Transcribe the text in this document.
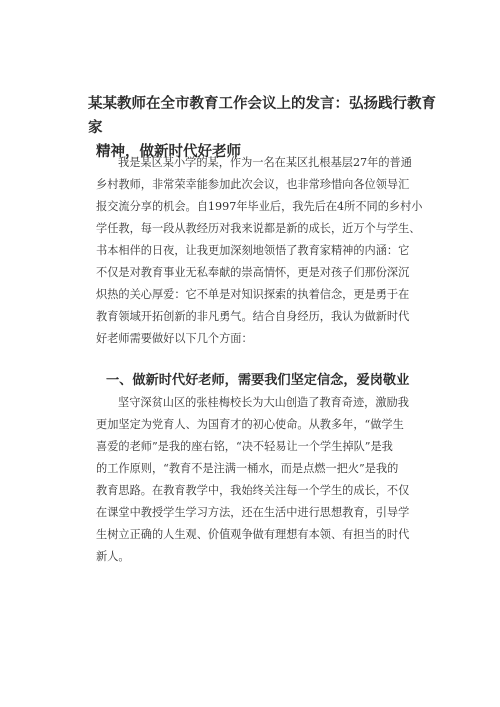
某某教师在全市教育工作会议上的发言：弘扬践行教育家
精神，做新时代好老师
我是某区某小学的某，作为一名在某区扎根基层27年的普通
乡村教师，非常荣幸能参加此次会议，也非常珍惜向各位领导汇
报交流分享的机会。自1997年毕业后，我先后在4所不同的乡村小
学任教，每一段从教经历对我来说都是新的成长，近万个与学生、
书本相伴的日夜，让我更加深刻地领悟了教育家精神的内涵：它
不仅是对教育事业无私奉献的崇高情怀，更是对孩子们那份深沉
炽热的关心厚爱：它不单是对知识探索的执着信念，更是勇于在
教育领域开拓创新的非凡勇气。结合自身经历，我认为做新时代
好老师需要做好以下几个方面：
一、做新时代好老师，需要我们坚定信念，爱岗敬业
坚守深贫山区的张桂梅校长为大山创造了教育奇迹，激励我
更加坚定为党育人、为国育才的初心使命。从教多年，“做学生
喜爱的老师”是我的座右铭，“决不轻易让一个学生掉队”是我
的工作原则，“教育不是注满一桶水，而是点燃一把火”是我的
教育思路。在教育教学中，我始终关注每一个学生的成长，不仅
在课堂中教授学生学习方法，还在生活中进行思想教育，引导学
生树立正确的人生观、价值观争做有理想有本领、有担当的时代
新人。
